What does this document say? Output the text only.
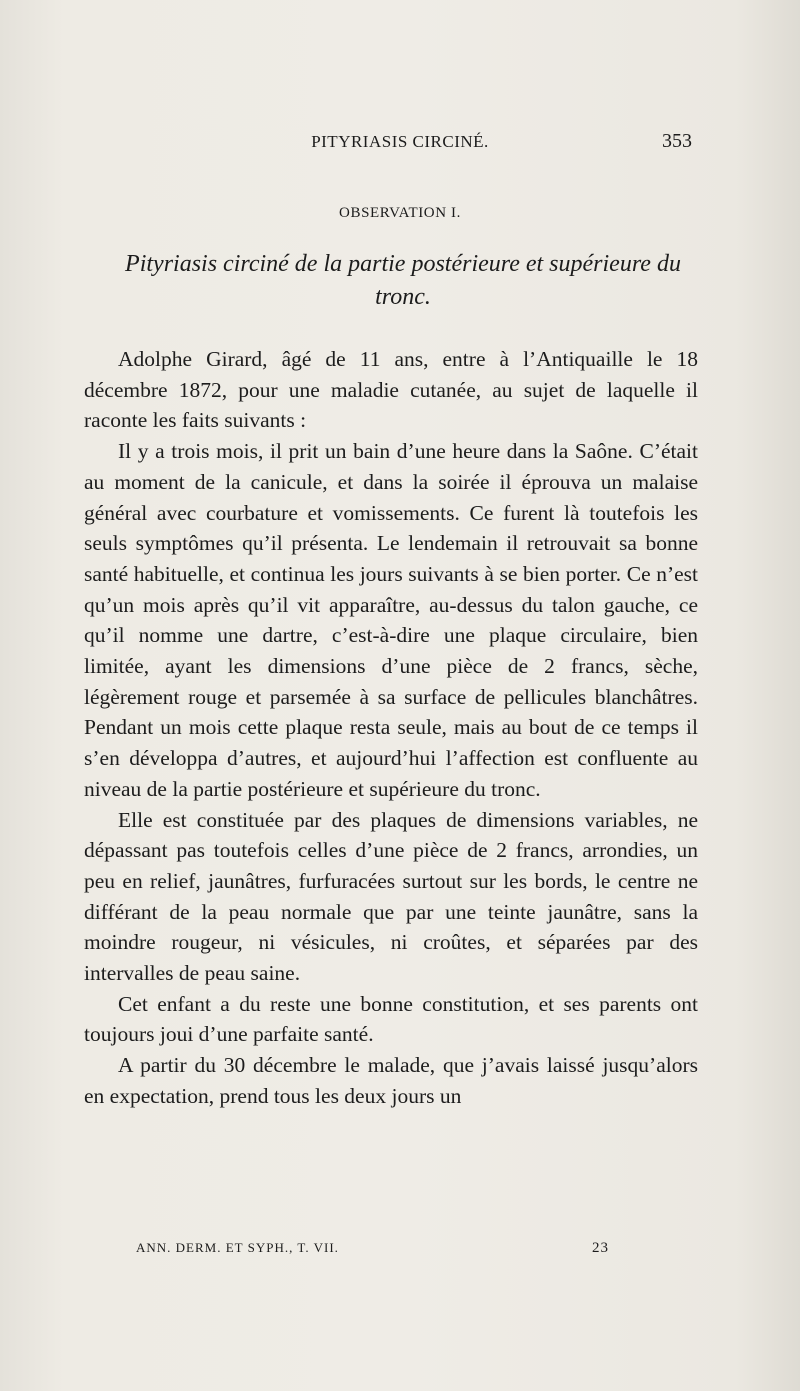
PITYRIASIS CIRCINÉ.	353
OBSERVATION I.
Pityriasis circiné de la partie postérieure et supérieure du tronc.

Adolphe Girard, âgé de 11 ans, entre à l’Antiquaille le 18 décembre 1872, pour une maladie cutanée, au sujet de laquelle il raconte les faits suivants :

Il y a trois mois, il prit un bain d’une heure dans la Saône. C’était au moment de la canicule, et dans la soirée il éprouva un malaise général avec courbature et vomissements. Ce furent là toutefois les seuls symptômes qu’il présenta. Le lendemain il retrouvait sa bonne santé habituelle, et continua les jours suivants à se bien porter. Ce n’est qu’un mois après qu’il vit apparaître, au-dessus du talon gauche, ce qu’il nomme une dartre, c’est-à-dire une plaque circulaire, bien limitée, ayant les dimensions d’une pièce de 2 francs, sèche, légèrement rouge et parsemée à sa surface de pellicules blanchâtres. Pendant un mois cette plaque resta seule, mais au bout de ce temps il s’en développa d’autres, et aujourd’hui l’affection est confluente au niveau de la partie postérieure et supérieure du tronc.

Elle est constituée par des plaques de dimensions variables, ne dépassant pas toutefois celles d’une pièce de 2 francs, arrondies, un peu en relief, jaunâtres, furfuracées surtout sur les bords, le centre ne différant de la peau normale que par une teinte jaunâtre, sans la moindre rougeur, ni vésicules, ni croûtes, et séparées par des intervalles de peau saine.

Cet enfant a du reste une bonne constitution, et ses parents ont toujours joui d’une parfaite santé.

A partir du 30 décembre le malade, que j’avais laissé jusqu’alors en expectation, prend tous les deux jours un

ANN. DERM. ET SYPH., T. VII.	23
